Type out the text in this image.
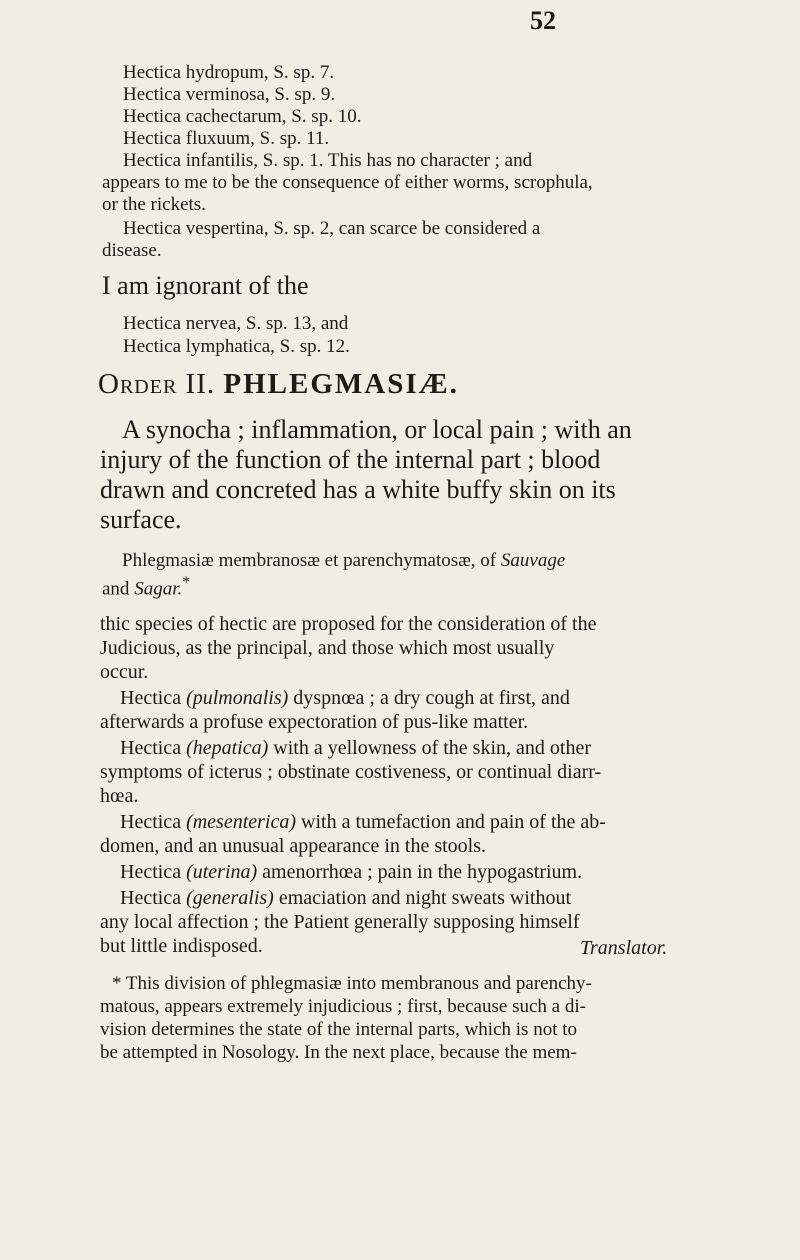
52
Hectica hydropum, S. sp. 7.
Hectica verminosa, S. sp. 9.
Hectica cachectarum, S. sp. 10.
Hectica fluxuum, S. sp. 11.
Hectica infantilis, S. sp. 1. This has no character ; and
appears to me to be the consequence of either worms, scrophula,
or the rickets.
Hectica vespertina, S. sp. 2, can scarce be considered a
disease.
I am ignorant of the
Hectica nervea, S. sp. 13, and
Hectica lymphatica, S. sp. 12.
Order II. PHLEGMASIÆ.
A synocha ; inflammation, or local pain ; with an
injury of the function of the internal part ; blood
drawn and concreted has a white buffy skin on its
surface.
Phlegmasiæ membranosæ et parenchymatosæ, of Sauvage
and Sagar.*
thic species of hectic are proposed for the consideration of the
Judicious, as the principal, and those which most usually
occur.
Hectica (pulmonalis) dyspnœa ; a dry cough at first, and
afterwards a profuse expectoration of pus-like matter.
Hectica (hepatica) with a yellowness of the skin, and other
symptoms of icterus ; obstinate costiveness, or continual diarr-
hœa.
Hectica (mesenterica) with a tumefaction and pain of the ab-
domen, and an unusual appearance in the stools.
Hectica (uterina) amenorrhœa ; pain in the hypogastrium.
Hectica (generalis) emaciation and night sweats without
any local affection ; the Patient generally supposing himself
but little indisposed.	Translator.
* This division of phlegmasiæ into membranous and parenchy-
matous, appears extremely injudicious ; first, because such a di-
vision determines the state of the internal parts, which is not to
be attempted in Nosology. In the next place, because the mem-
